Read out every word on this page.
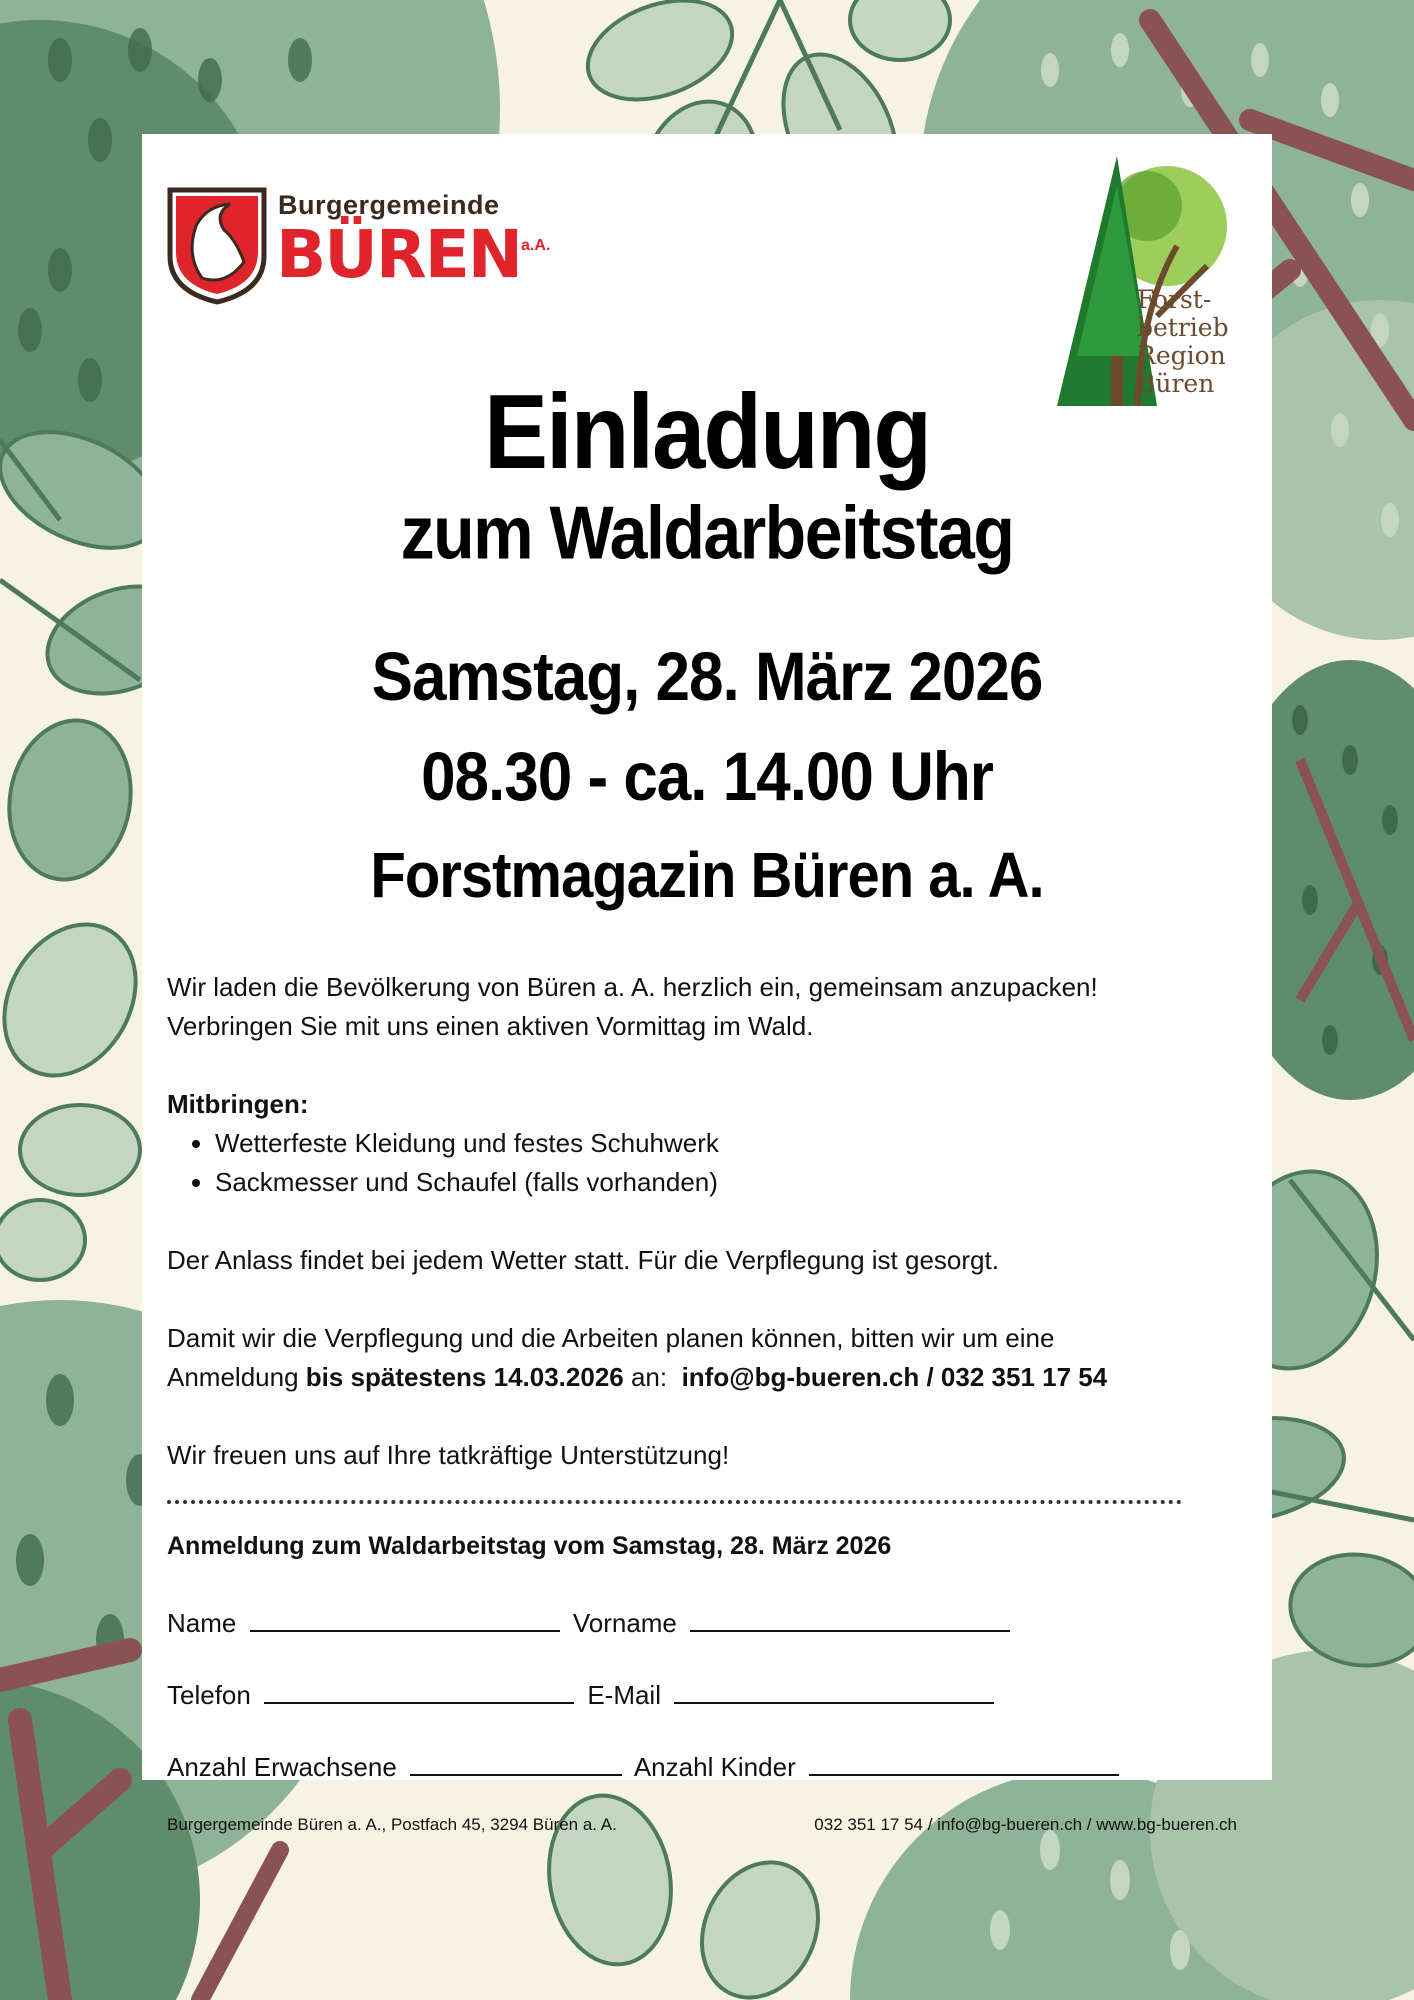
Burgergemeinde
BÜREN a.A.
Forst-
betrieb
Region
Büren
Einladung
zum Waldarbeitstag
Samstag, 28. März 2026
08.30 - ca. 14.00 Uhr
Forstmagazin Büren a. A.

Wir laden die Bevölkerung von Büren a. A. herzlich ein, gemeinsam anzupacken!

Verbringen Sie mit uns einen aktiven Vormittag im Wald.

Mitbringen:

• Wetterfeste Kleidung und festes Schuhwerk
• Sackmesser und Schaufel (falls vorhanden)

Der Anlass findet bei jedem Wetter statt. Für die Verpflegung ist gesorgt.

Damit wir die Verpflegung und die Arbeiten planen können, bitten wir um eine

Anmeldung bis spätestens 14.03.2026 an:  info@bg-bueren.ch / 032 351 17 54

Wir freuen uns auf Ihre tatkräftige Unterstützung!

Anmeldung zum Waldarbeitstag vom Samstag, 28. März 2026
Name	Vorname
Telefon	E-Mail
Anzahl Erwachsene	Anzahl Kinder
Burgergemeinde Büren a. A., Postfach 45, 3294 Büren a. A.	032 351 17 54 / info@bg-bueren.ch / www.bg-bueren.ch
